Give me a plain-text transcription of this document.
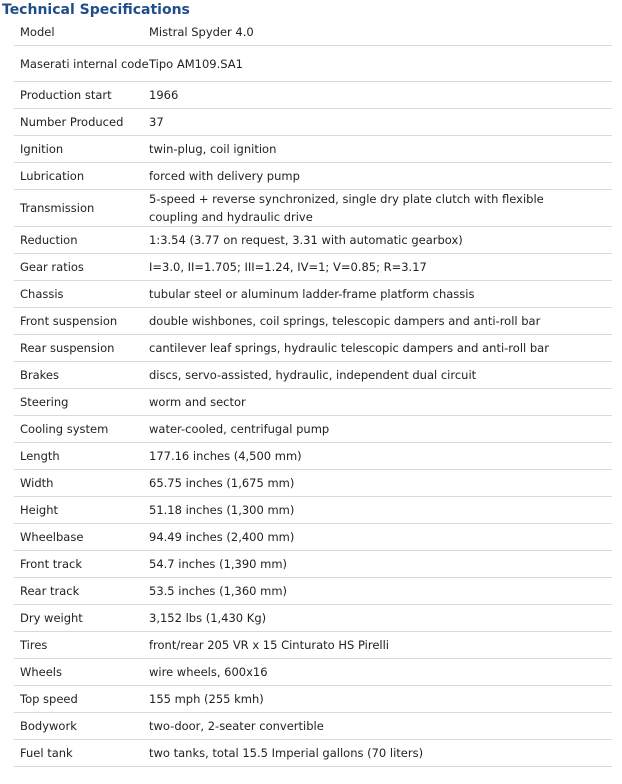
Technical Specifications
Model	Mistral Spyder 4.0
Maserati internal code	Tipo AM109.SA1
Production start	1966
Number Produced	37
Ignition	twin-plug, coil ignition
Lubrication	forced with delivery pump
Transmission	5-speed + reverse synchronized, single dry plate clutch with flexible coupling and hydraulic drive
Reduction	1:3.54 (3.77 on request, 3.31 with automatic gearbox)
Gear ratios	I=3.0, II=1.705; III=1.24, IV=1; V=0.85; R=3.17
Chassis	tubular steel or aluminum ladder-frame platform chassis
Front suspension	double wishbones, coil springs, telescopic dampers and anti-roll bar
Rear suspension	cantilever leaf springs, hydraulic telescopic dampers and anti-roll bar
Brakes	discs, servo-assisted, hydraulic, independent dual circuit
Steering	worm and sector
Cooling system	water-cooled, centrifugal pump
Length	177.16 inches (4,500 mm)
Width	65.75 inches (1,675 mm)
Height	51.18 inches (1,300 mm)
Wheelbase	94.49 inches (2,400 mm)
Front track	54.7 inches (1,390 mm)
Rear track	53.5 inches (1,360 mm)
Dry weight	3,152 lbs (1,430 Kg)
Tires	front/rear 205 VR x 15 Cinturato HS Pirelli
Wheels	wire wheels, 600x16
Top speed	155 mph (255 kmh)
Bodywork	two-door, 2-seater convertible
Fuel tank	two tanks, total 15.5 Imperial gallons (70 liters)
